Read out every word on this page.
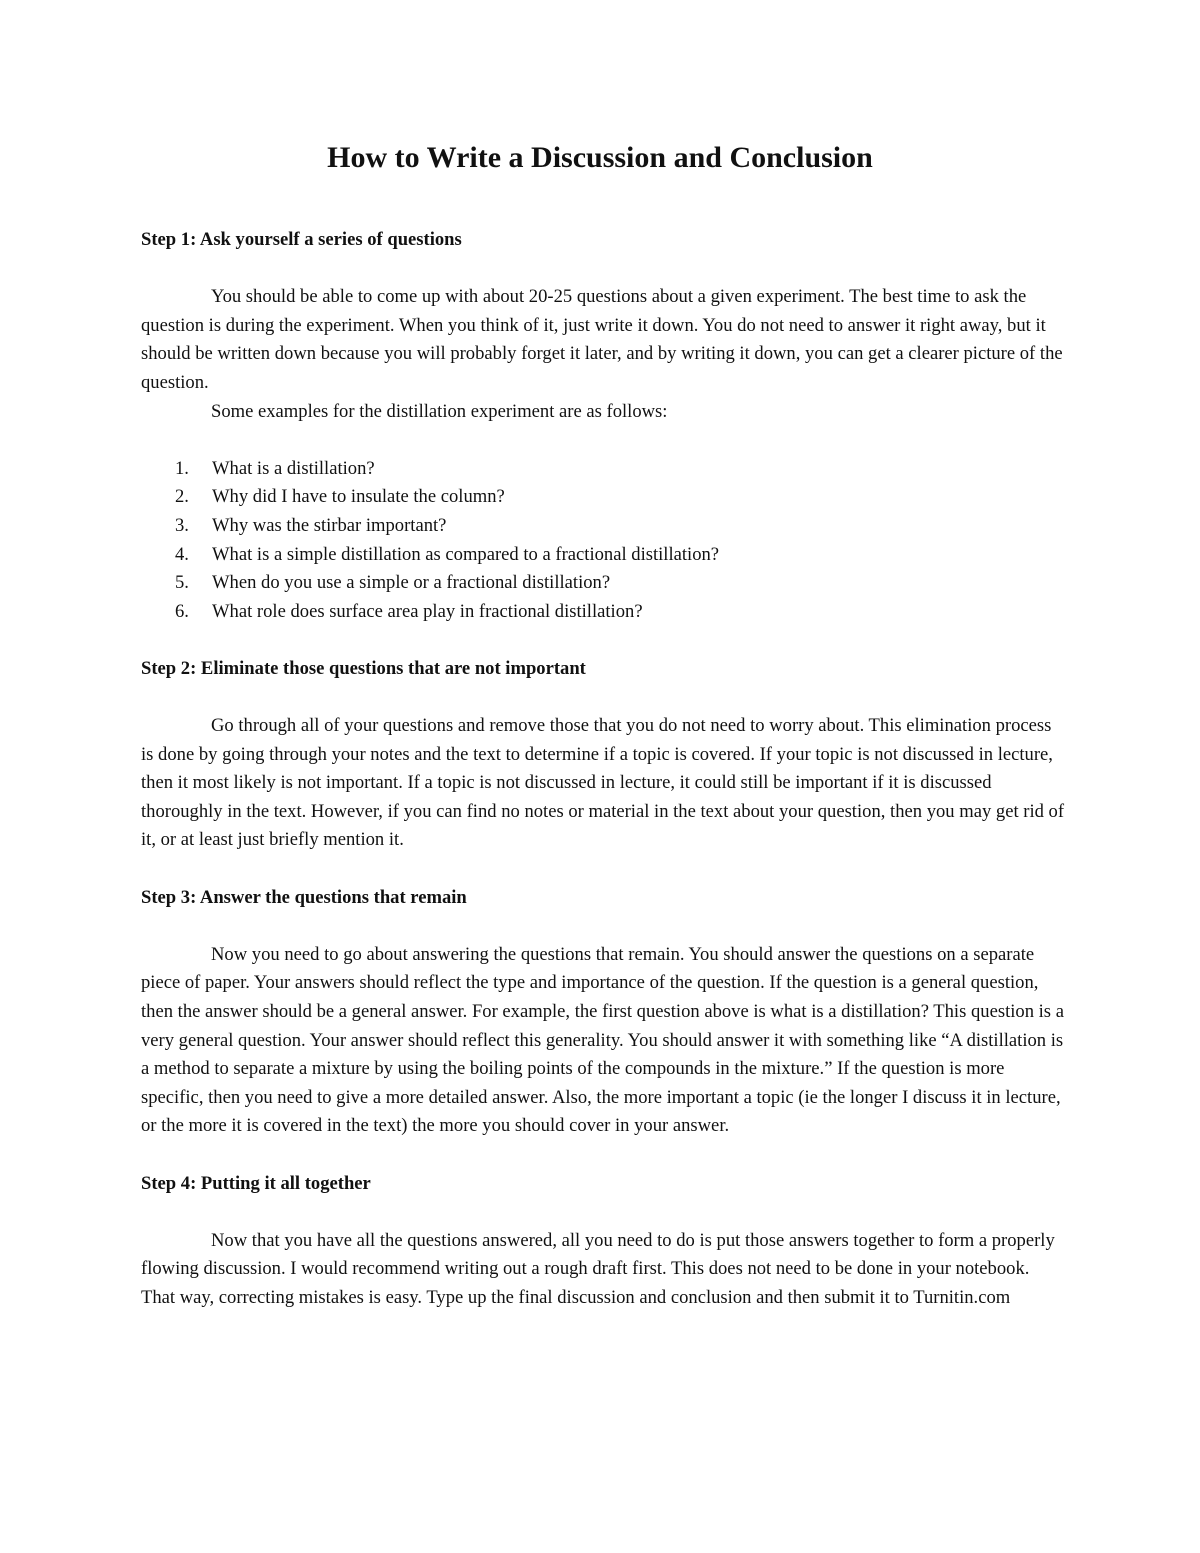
How to Write a Discussion and Conclusion

Step 1: Ask yourself a series of questions

You should be able to come up with about 20-25 questions about a given experiment. The best time to ask the question is during the experiment. When you think of it, just write it down. You do not need to answer it right away, but it should be written down because you will probably forget it later, and by writing it down, you can get a clearer picture of the question.

Some examples for the distillation experiment are as follows:

1.	What is a distillation?
2.	Why did I have to insulate the column?
3.	Why was the stirbar important?
4.	What is a simple distillation as compared to a fractional distillation?
5.	When do you use a simple or a fractional distillation?
6.	What role does surface area play in fractional distillation?

Step 2: Eliminate those questions that are not important

Go through all of your questions and remove those that you do not need to worry about. This elimination process is done by going through your notes and the text to determine if a topic is covered. If your topic is not discussed in lecture, then it most likely is not important. If a topic is not discussed in lecture, it could still be important if it is discussed thoroughly in the text. However, if you can find no notes or material in the text about your question, then you may get rid of it, or at least just briefly mention it.

Step 3: Answer the questions that remain

Now you need to go about answering the questions that remain. You should answer the questions on a separate piece of paper. Your answers should reflect the type and importance of the question. If the question is a general question, then the answer should be a general answer. For example, the first question above is what is a distillation? This question is a very general question. Your answer should reflect this generality. You should answer it with something like “A distillation is a method to separate a mixture by using the boiling points of the compounds in the mixture.” If the question is more specific, then you need to give a more detailed answer. Also, the more important a topic (ie the longer I discuss it in lecture, or the more it is covered in the text) the more you should cover in your answer.

Step 4: Putting it all together

Now that you have all the questions answered, all you need to do is put those answers together to form a properly flowing discussion. I would recommend writing out a rough draft first. This does not need to be done in your notebook. That way, correcting mistakes is easy. Type up the final discussion and conclusion and then submit it to Turnitin.com
